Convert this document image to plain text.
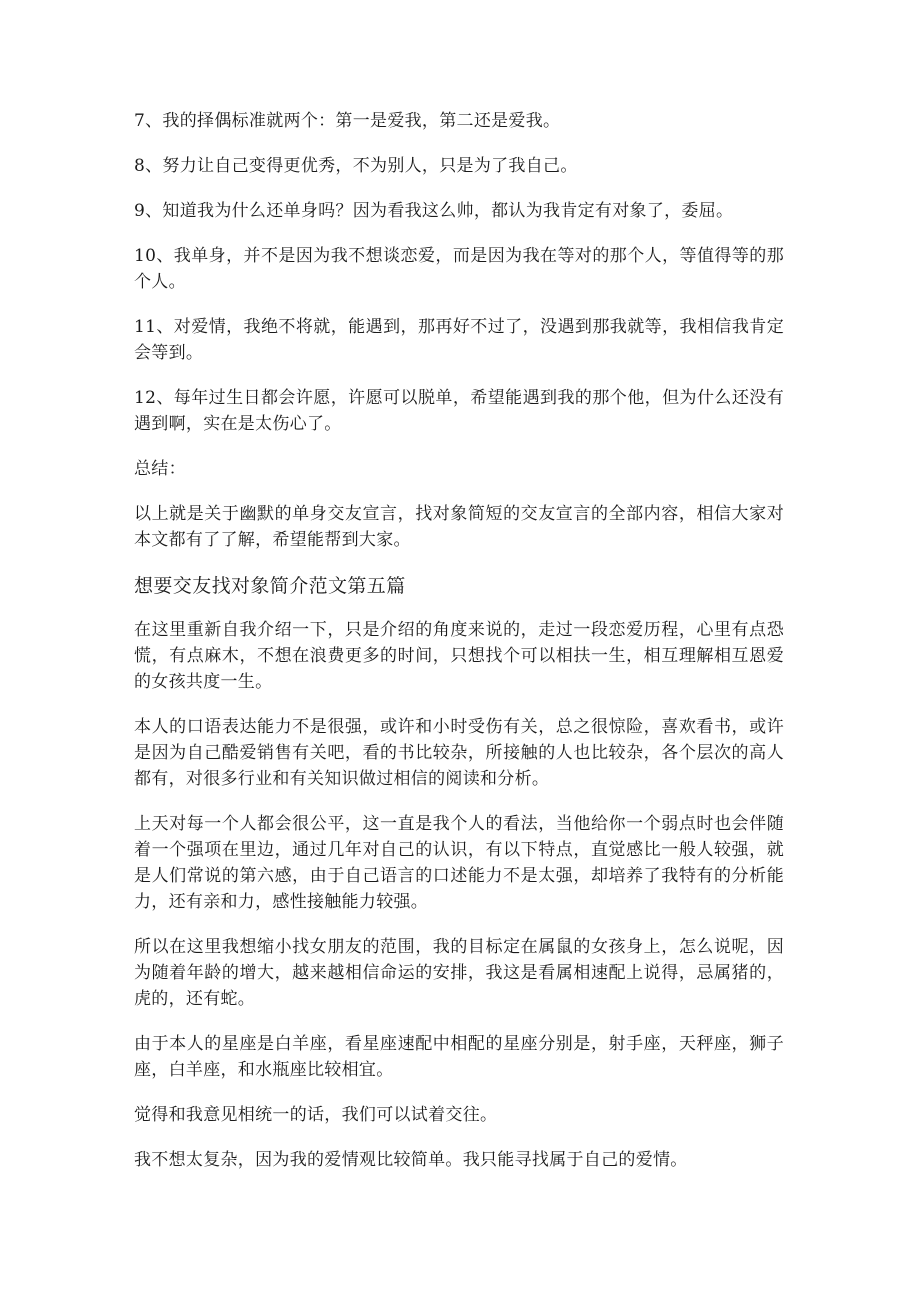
7、我的择偶标准就两个：第一是爱我，第二还是爱我。

8、努力让自己变得更优秀，不为别人，只是为了我自己。

9、知道我为什么还单身吗？因为看我这么帅，都认为我肯定有对象了，委屈。

10、我单身，并不是因为我不想谈恋爱，而是因为我在等对的那个人，等值得等的那个人。

11、对爱情，我绝不将就，能遇到，那再好不过了，没遇到那我就等，我相信我肯定会等到。

12、每年过生日都会许愿，许愿可以脱单，希望能遇到我的那个他，但为什么还没有遇到啊，实在是太伤心了。

总结：

以上就是关于幽默的单身交友宣言，找对象简短的交友宣言的全部内容，相信大家对本文都有了了解，希望能帮到大家。

想要交友找对象简介范文第五篇

在这里重新自我介绍一下，只是介绍的角度来说的，走过一段恋爱历程，心里有点恐慌，有点麻木，不想在浪费更多的时间，只想找个可以相扶一生，相互理解相互恩爱的女孩共度一生。

本人的口语表达能力不是很强，或许和小时受伤有关，总之很惊险，喜欢看书，或许是因为自己酷爱销售有关吧，看的书比较杂，所接触的人也比较杂，各个层次的高人都有，对很多行业和有关知识做过相信的阅读和分析。

上天对每一个人都会很公平，这一直是我个人的看法，当他给你一个弱点时也会伴随着一个强项在里边，通过几年对自己的认识，有以下特点，直觉感比一般人较强，就是人们常说的第六感，由于自己语言的口述能力不是太强，却培养了我特有的分析能力，还有亲和力，感性接触能力较强。

所以在这里我想缩小找女朋友的范围，我的目标定在属鼠的女孩身上，怎么说呢，因为随着年龄的增大，越来越相信命运的安排，我这是看属相速配上说得，忌属猪的，虎的，还有蛇。

由于本人的星座是白羊座，看星座速配中相配的星座分别是，射手座，天秤座，狮子座，白羊座，和水瓶座比较相宜。

觉得和我意见相统一的话，我们可以试着交往。

我不想太复杂，因为我的爱情观比较简单。我只能寻找属于自己的爱情。
